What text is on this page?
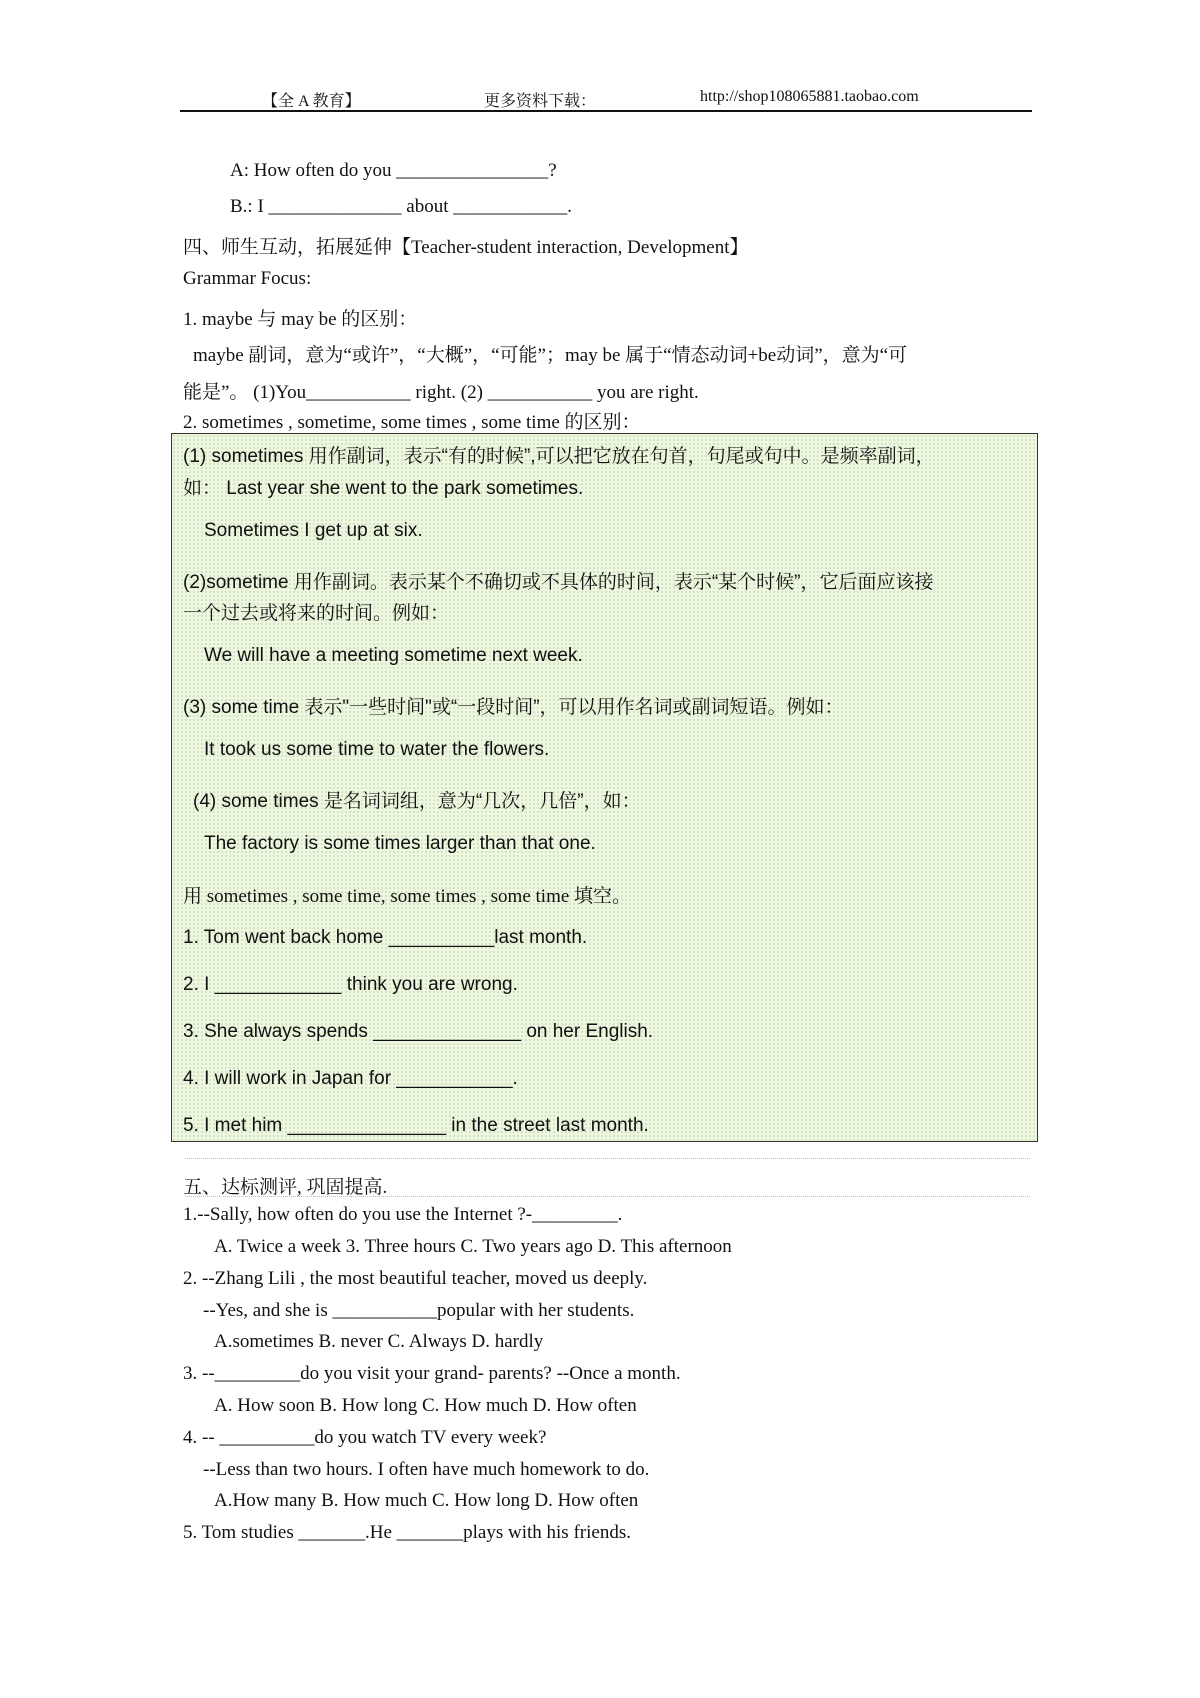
【全 A 教育】	更多资料下载：	http://shop108065881.taobao.com
A: How often do you ________________?
B.: I ______________ about ____________.
四、师生互动，拓展延伸【Teacher-student interaction, Development】
Grammar Focus:
1. maybe 与 may be 的区别：
maybe 副词，意为“或许”，“大概”，“可能”；may be 属于“情态动词+be动词”，意为“可
能是”。 (1)You___________ right. (2) ___________ you are right.
2. sometimes , sometime, some times , some time 的区别：
(1) sometimes 用作副词，表示“有的时候”,可以把它放在句首，句尾或句中。是频率副词，
如： Last year she went to the park sometimes.
Sometimes I get up at six.
(2)sometime 用作副词。表示某个不确切或不具体的时间，表示“某个时候”，它后面应该接
一个过去或将来的时间。例如：
We will have a meeting sometime next week.
(3) some time 表示"一些时间"或“一段时间”，可以用作名词或副词短语。例如：
It took us some time to water the flowers.
(4) some times 是名词词组，意为“几次，几倍”，如：
The factory is some times larger than that one.
用 sometimes , some time, some times , some time 填空。
1. Tom went back home __________last month.
2. I ____________ think you are wrong.
3. She always spends ______________ on her English.
4. I will work in Japan for ___________.
5. I met him _______________ in the street last month.
五、达标测评, 巩固提高.
1.--Sally, how often do you use the Internet ?-_________.
A. Twice a week 3. Three hours C. Two years ago D. This afternoon
2. --Zhang Lili , the most beautiful teacher, moved us deeply.
--Yes, and she is ___________popular with her students.
A.sometimes B. never C. Always D. hardly
3. --_________do you visit your grand- parents? --Once a month.
A. How soon B. How long C. How much D. How often
4. -- __________do you watch TV every week?
--Less than two hours. I often have much homework to do.
A.How many B. How much C. How long D. How often
5. Tom studies _______.He _______plays with his friends.
